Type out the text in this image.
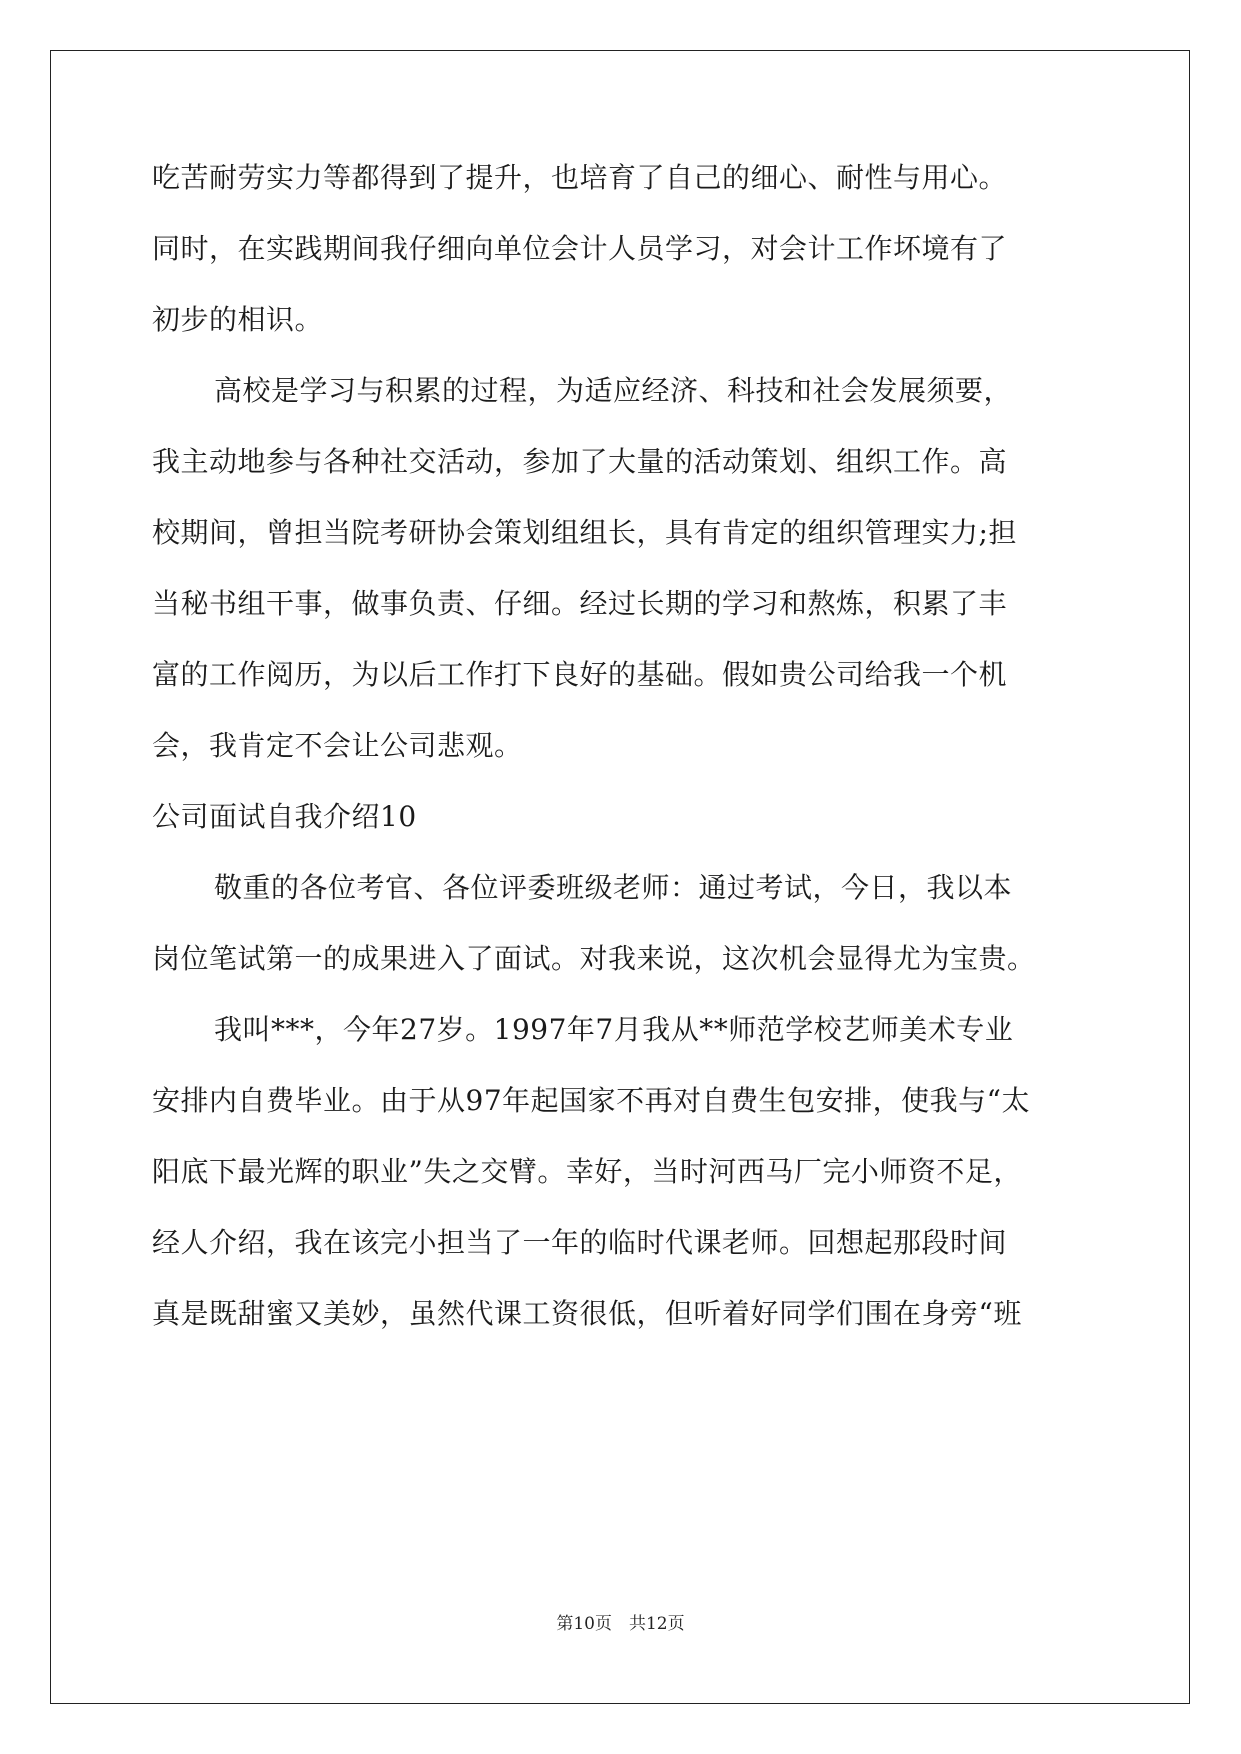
吃苦耐劳实力等都得到了提升，也培育了自己的细心、耐性与用心。
同时，在实践期间我仔细向单位会计人员学习，对会计工作坏境有了
初步的相识。
高校是学习与积累的过程，为适应经济、科技和社会发展须要，
我主动地参与各种社交活动，参加了大量的活动策划、组织工作。高
校期间，曾担当院考研协会策划组组长，具有肯定的组织管理实力;担
当秘书组干事，做事负责、仔细。经过长期的学习和熬炼，积累了丰
富的工作阅历，为以后工作打下良好的基础。假如贵公司给我一个机
会，我肯定不会让公司悲观。
公司面试自我介绍10
敬重的各位考官、各位评委班级老师：通过考试，今日，我以本
岗位笔试第一的成果进入了面试。对我来说，这次机会显得尤为宝贵。
我叫***，今年27岁。1997年7月我从**师范学校艺师美术专业
安排内自费毕业。由于从97年起国家不再对自费生包安排，使我与“太
阳底下最光辉的职业”失之交臂。幸好，当时河西马厂完小师资不足，
经人介绍，我在该完小担当了一年的临时代课老师。回想起那段时间
真是既甜蜜又美妙，虽然代课工资很低，但听着好同学们围在身旁“班
第10页　共12页
